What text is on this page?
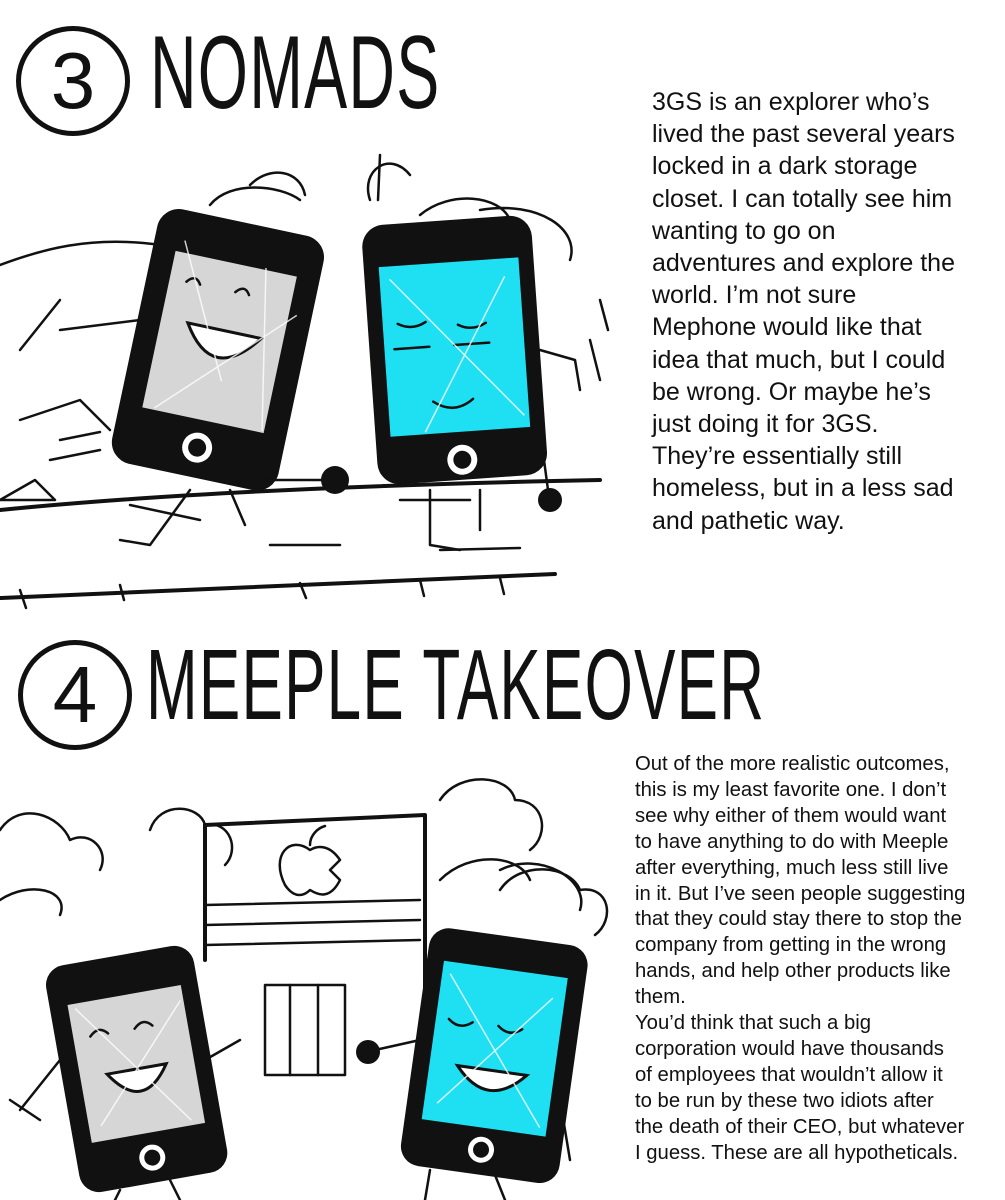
3 NOMADS	3GS is an explorer who’s
lived the past several years
locked in a dark storage
closet. I can totally see him
wanting to go on
adventures and explore the
world. I’m not sure
Mephone would like that
idea that much, but I could
be wrong. Or maybe he’s
just doing it for 3GS.
They’re essentially still
homeless, but in a less sad
and pathetic way.

4 MEEPLE TAKEOVER

Out of the more realistic outcomes,
this is my least favorite one. I don’t
see why either of them would want
to have anything to do with Meeple
after everything, much less still live
in it. But I’ve seen people suggesting
that they could stay there to stop the
company from getting in the wrong
hands, and help other products like
them.
You’d think that such a big
corporation would have thousands
of employees that wouldn’t allow it
to be run by these two idiots after
the death of their CEO, but whatever
I guess. These are all hypotheticals.
